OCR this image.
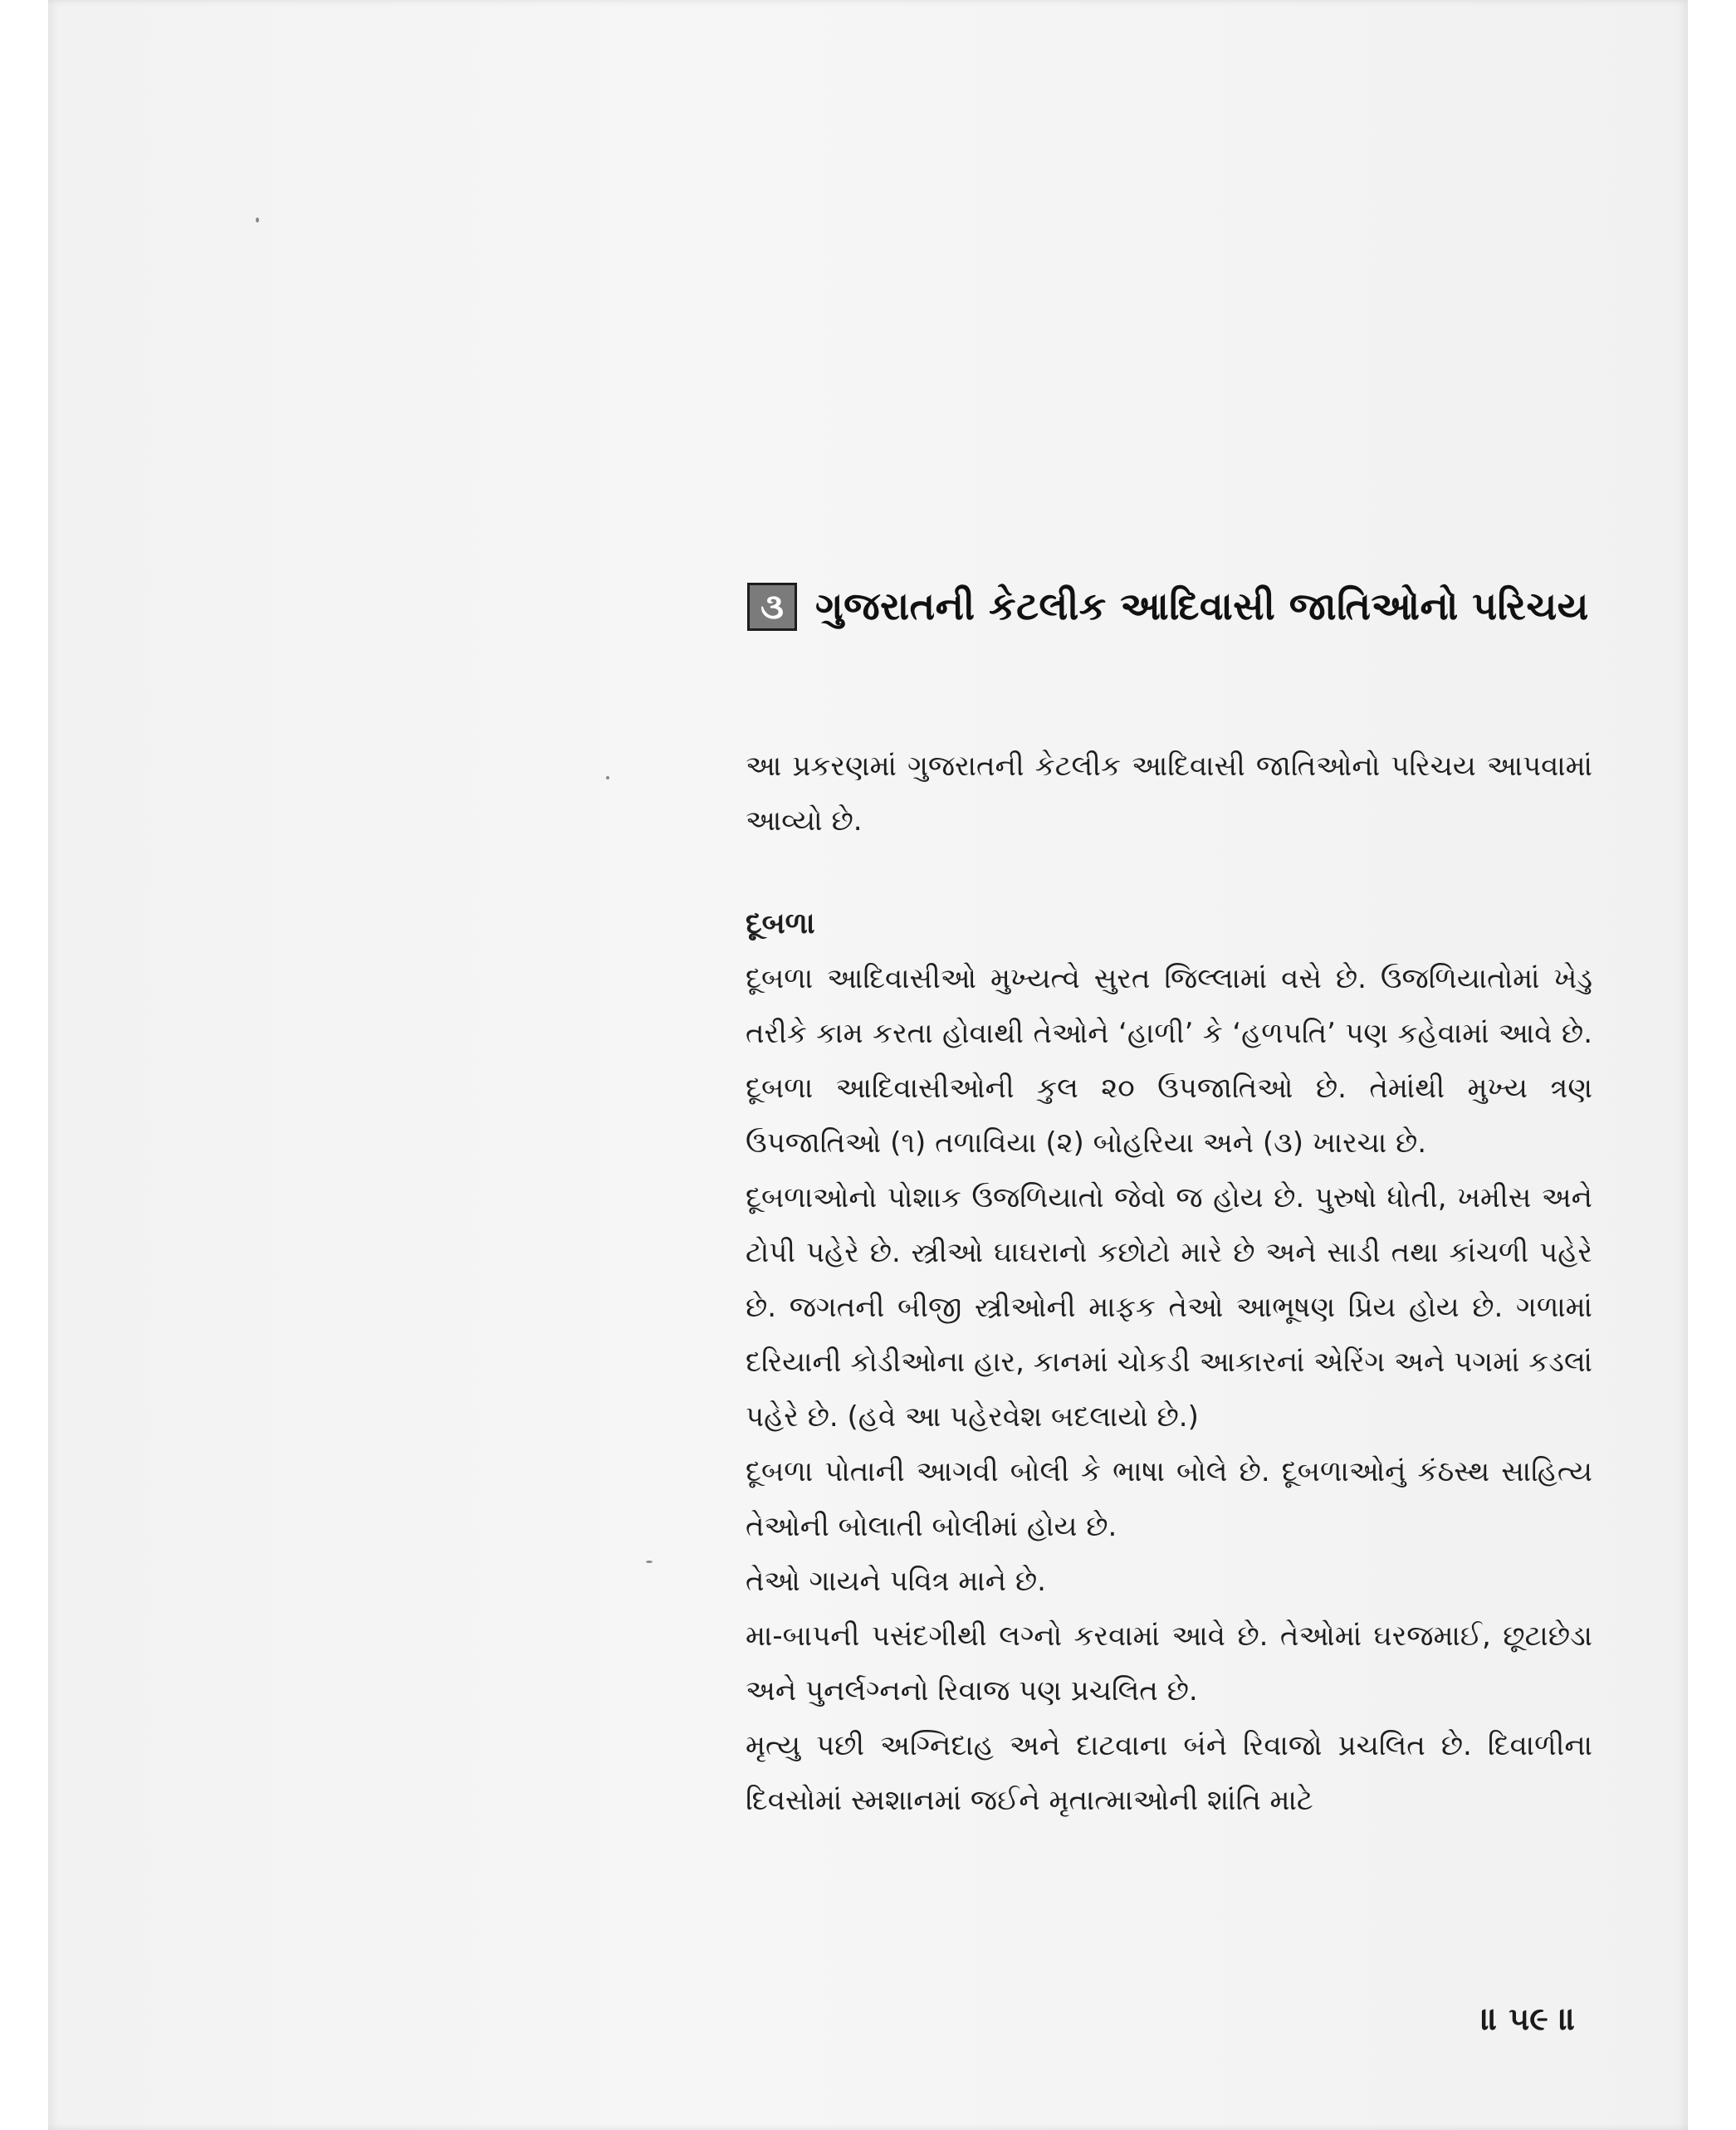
૩ ગુજરાતની કેટલીક આદિવાસી જાતિઓનો પરિચય

આ પ્રકરણમાં ગુજરાતની કેટલીક આદિવાસી જાતિઓનો પરિચય આપવામાં આવ્યો છે.

દૂબળા

દૂબળા આદિવાસીઓ મુખ્યત્વે સુરત જિલ્લામાં વસે છે. ઉજળિયાતોમાં ખેડુ તરીકે કામ કરતા હોવાથી તેઓને ‘હાળી’ કે ‘હળપતિ’ પણ કહેવામાં આવે છે. દૂબળા આદિવાસીઓની કુલ ૨૦ ઉપજાતિઓ છે. તેમાંથી મુખ્ય ત્રણ ઉપજાતિઓ (૧) તળાવિયા (૨) બોહરિયા અને (૩) ખારચા છે.

દૂબળાઓનો પોશાક ઉજળિયાતો જેવો જ હોય છે. પુરુષો ધોતી, ખમીસ અને ટોપી પહેરે છે. સ્ત્રીઓ ઘાઘરાનો કછોટો મારે છે અને સાડી તથા કાંચળી પહેરે છે. જગતની બીજી સ્ત્રીઓની માફક તેઓ આભૂષણ પ્રિય હોય છે. ગળામાં દરિયાની કોડીઓના હાર, કાનમાં ચોકડી આકારનાં એરિંગ અને પગમાં કડલાં પહેરે છે. (હવે આ પહેરવેશ બદલાયો છે.)

દૂબળા પોતાની આગવી બોલી કે ભાષા બોલે છે. દૂબળાઓનું કંઠસ્થ સાહિત્ય તેઓની બોલાતી બોલીમાં હોય છે.

તેઓ ગાયને પવિત્ર માને છે.

મા-બાપની પસંદગીથી લગ્નો કરવામાં આવે છે. તેઓમાં ઘરજમાઈ, છૂટાછેડા અને પુનર્લગ્નનો રિવાજ પણ પ્રચલિત છે.

મૃત્યુ પછી અગ્નિદાહ અને દાટવાના બંને રિવાજો પ્રચલિત છે. દિવાળીના દિવસોમાં સ્મશાનમાં જઈને મૃતાત્માઓની શાંતિ માટે

॥ ૫૯ ॥
